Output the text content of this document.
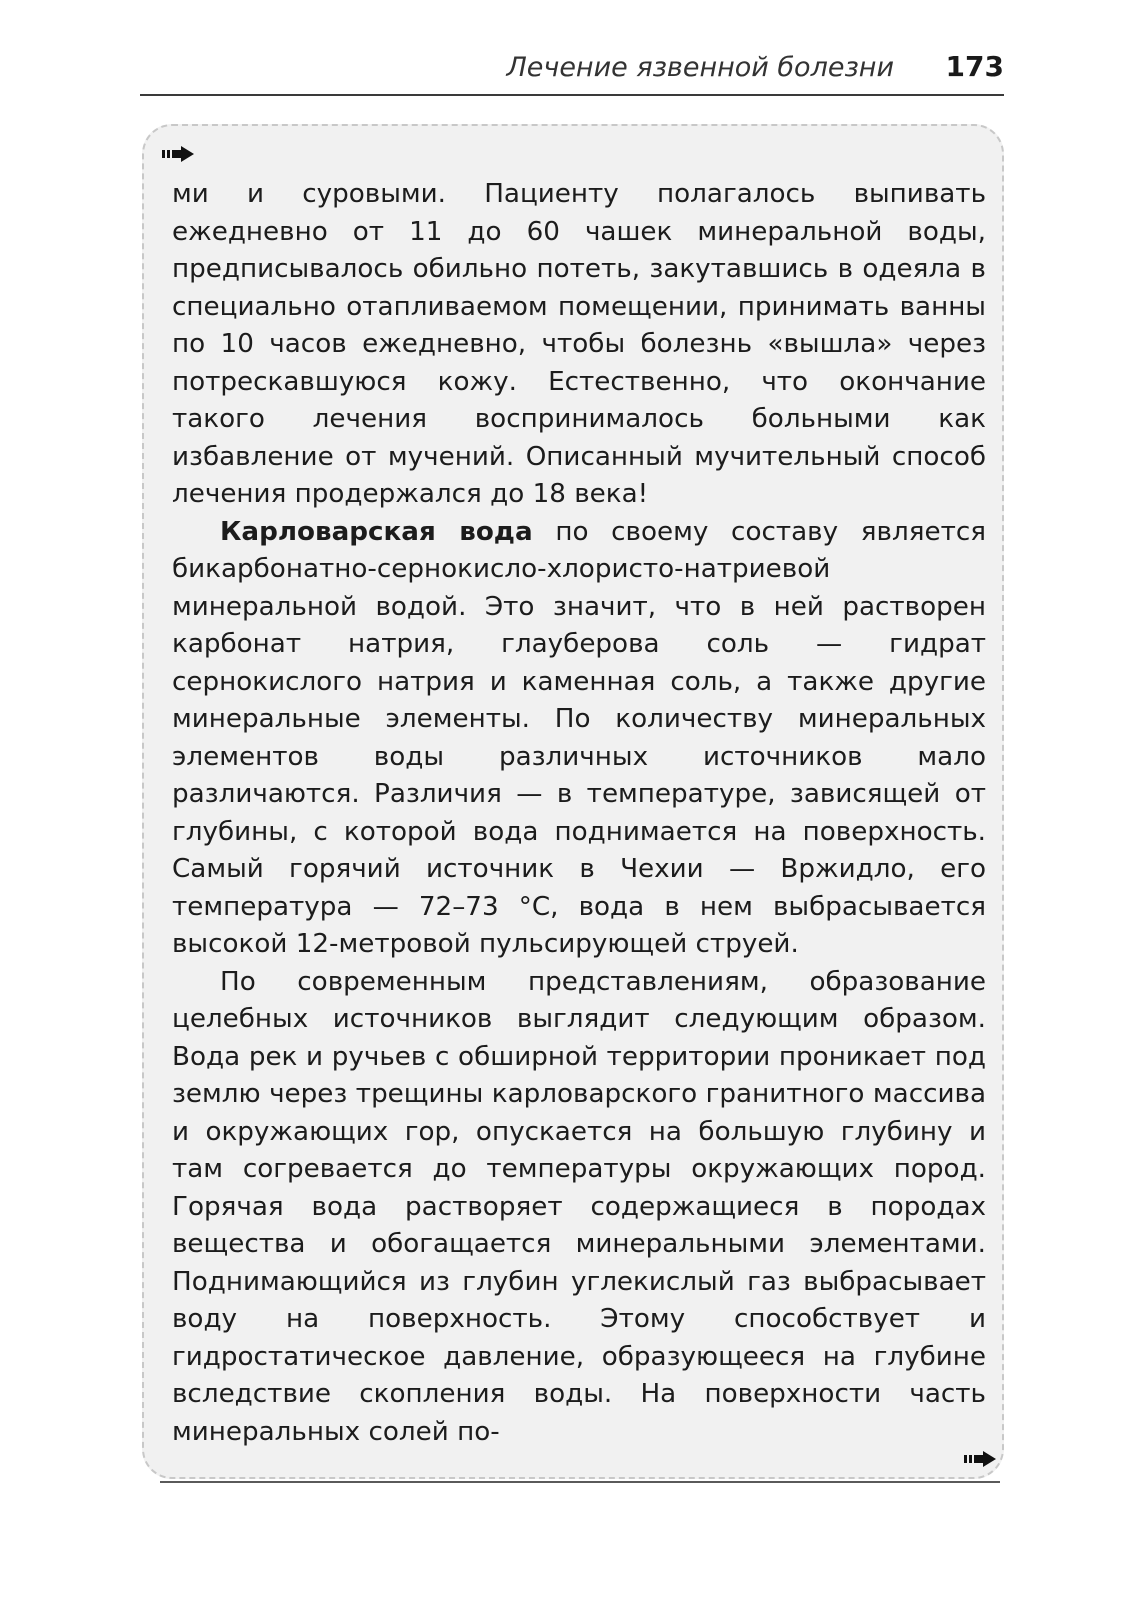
Лечение язвенной болезни 173

ми и суровыми. Пациенту полагалось выпивать ежедневно от 11 до 60 чашек минеральной воды, предписывалось обильно потеть, закутавшись в одеяла в специально отапливаемом помещении, принимать ванны по 10 часов ежедневно, чтобы болезнь «вышла» через потрескавшуюся кожу. Естественно, что окончание такого лечения воспринималось больными как избавление от мучений. Описанный мучительный способ лечения продержался до 18 века!

Карловарская вода по своему составу является бикарбонатно-сернокисло-хлористо-натриевой минеральной водой. Это значит, что в ней растворен карбонат натрия, глауберова соль — гидрат сернокислого натрия и каменная соль, а также другие минеральные элементы. По количеству минеральных элементов воды различных источников мало различаются. Различия — в температуре, зависящей от глубины, с которой вода поднимается на поверхность. Самый горячий источник в Чехии — Вржидло, его температура — 72–73 °C, вода в нем выбрасывается высокой 12-метровой пульсирующей струей.

По современным представлениям, образование целебных источников выглядит следующим образом. Вода рек и ручьев с обширной территории проникает под землю через трещины карловарского гранитного массива и окружающих гор, опускается на большую глубину и там согревается до температуры окружающих пород. Горячая вода растворяет содержащиеся в породах вещества и обогащается минеральными элементами. Поднимающийся из глубин углекислый газ выбрасывает воду на поверхность. Этому способствует и гидростатическое давление, образующееся на глубине вследствие скопления воды. На поверхности часть минеральных солей по-
